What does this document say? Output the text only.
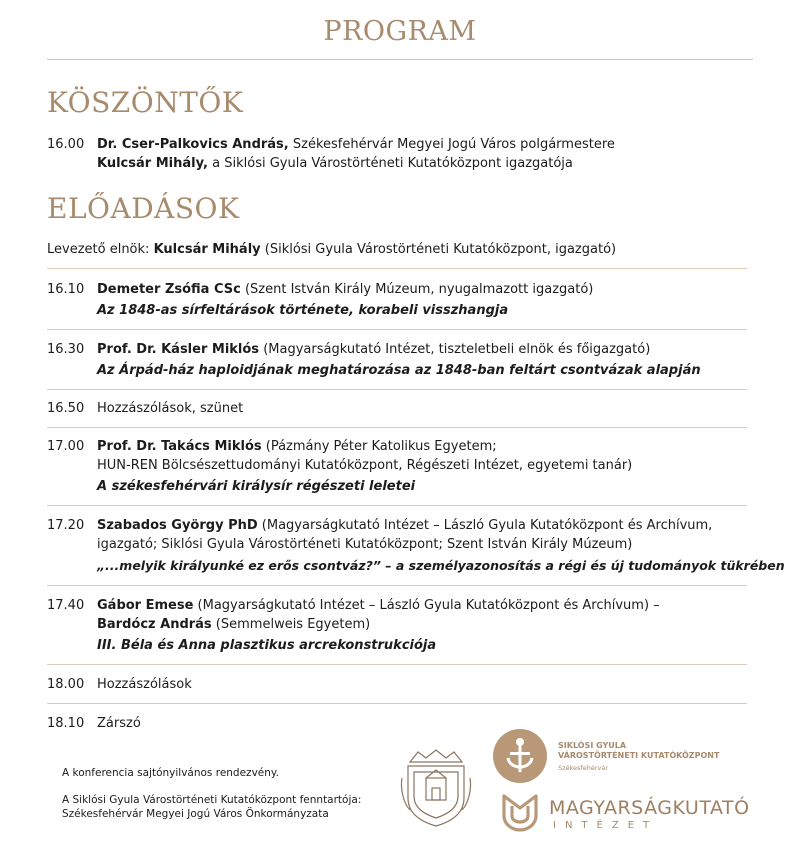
PROGRAM
KÖSZÖNTŐK
16.00 Dr. Cser-Palkovics András, Székesfehérvár Megyei Jogú Város polgármestere
Kulcsár Mihály, a Siklósi Gyula Várostörténeti Kutatóközpont igazgatója
ELŐADÁSOK
Levezető elnök: Kulcsár Mihály (Siklósi Gyula Várostörténeti Kutatóközpont, igazgató)
16.10 Demeter Zsófia CSc (Szent István Király Múzeum, nyugalmazott igazgató)
Az 1848-as sírfeltárások története, korabeli visszhangja
16.30 Prof. Dr. Kásler Miklós (Magyarságkutató Intézet, tiszteletbeli elnök és főigazgató)
Az Árpád-ház haploidjának meghatározása az 1848-ban feltárt csontvázak alapján
16.50 Hozzászólások, szünet
17.00 Prof. Dr. Takács Miklós (Pázmány Péter Katolikus Egyetem;
HUN-REN Bölcsészettudományi Kutatóközpont, Régészeti Intézet, egyetemi tanár)
A székesfehérvári királysír régészeti leletei
17.20 Szabados György PhD (Magyarságkutató Intézet – László Gyula Kutatóközpont és Archívum,
igazgató; Siklósi Gyula Várostörténeti Kutatóközpont; Szent István Király Múzeum)
„...melyik királyunké ez erős csontváz?” – a személyazonosítás a régi és új tudományok tükrében
17.40 Gábor Emese (Magyarságkutató Intézet – László Gyula Kutatóközpont és Archívum) –
Bardócz András (Semmelweis Egyetem)
III. Béla és Anna plasztikus arcrekonstrukciója
18.00 Hozzászólások
18.10 Zárszó
A konferencia sajtónyilvános rendezvény.
A Siklósi Gyula Várostörténeti Kutatóközpont fenntartója:
Székesfehérvár Megyei Jogú Város Önkormányzata
SIKLÓSI GYULA
VÁROSTÖRTÉNETI KUTATÓKÖZPONT
Székesfehérvár
MAGYARSÁGKUTATÓ
INTÉZET
